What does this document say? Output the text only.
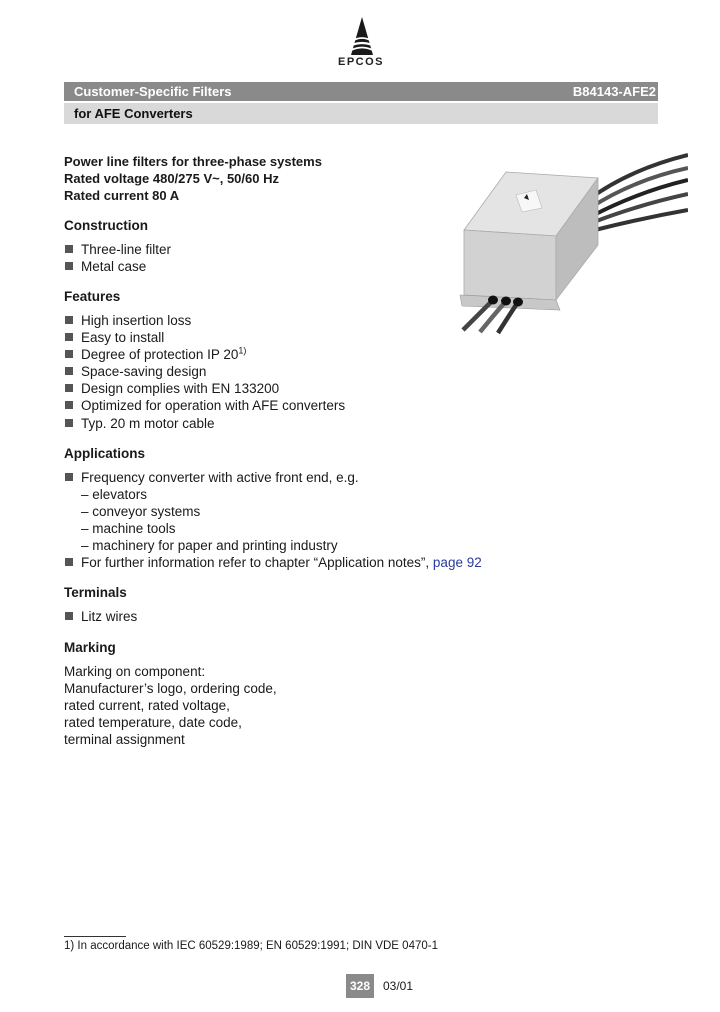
EPCOS
Customer-Specific Filters	B84143-AFE2
for AFE Converters
Power line filters for three-phase systems
Rated voltage 480/275 V~, 50/60 Hz
Rated current 80 A
Construction
Three-line filter
Metal case
Features
High insertion loss
Easy to install
Degree of protection IP 20$^{1)}$
Space-saving design
Design complies with EN 133200
Optimized for operation with AFE converters
Typ. 20 m motor cable
Applications
Frequency converter with active front end, e.g.
– elevators
– conveyor systems
– machine tools
– machinery for paper and printing industry
For further information refer to chapter “Application notes”, page 92
Terminals
Litz wires
Marking
Marking on component:
Manufacturer’s logo, ordering code,
rated current, rated voltage,
rated temperature, date code,
terminal assignment
1) In accordance with IEC 60529:1989; EN 60529:1991; DIN VDE 0470-1
328	03/01
